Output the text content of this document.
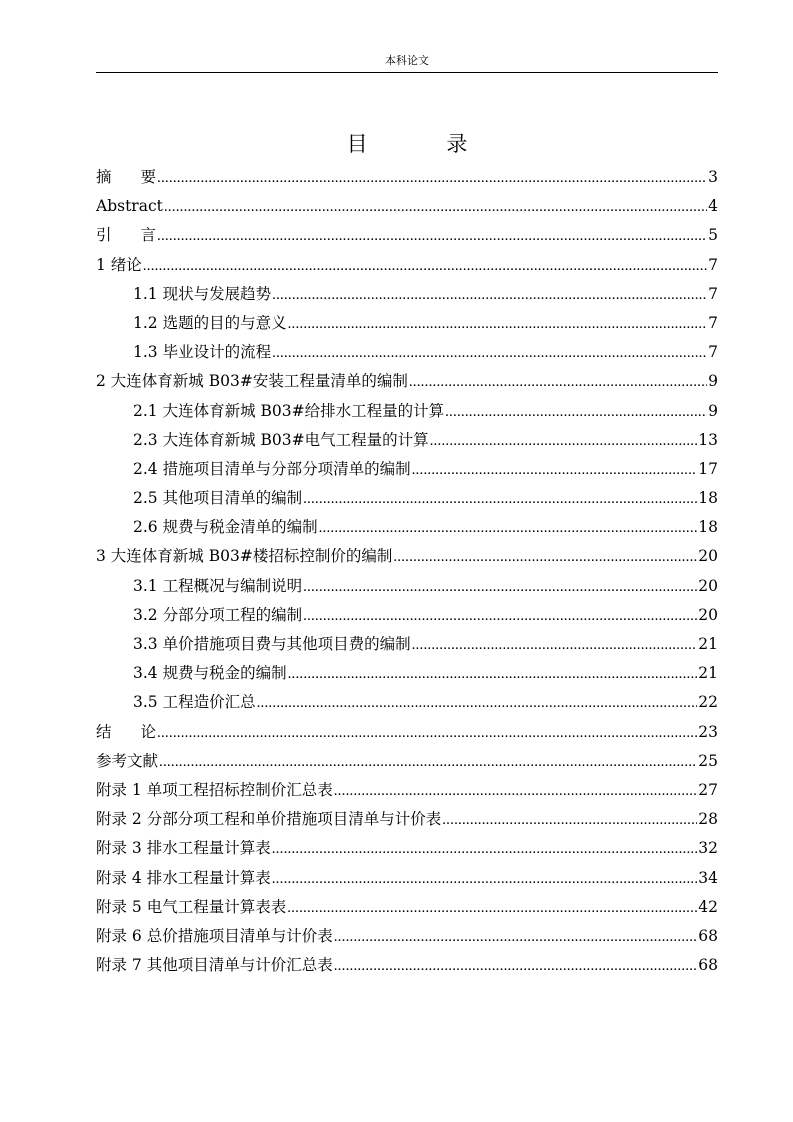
本科论文
目 录
摘要 .....	3
Abstract .....	4
引言 .....	5
1 绪论 .....	7
1.1 现状与发展趋势 .....	7
1.2 选题的目的与意义 .....	7
1.3 毕业设计的流程 .....	7
2 大连体育新城 B03#安装工程量清单的编制 .....	9
2.1 大连体育新城 B03#给排水工程量的计算 .....	9
2.3 大连体育新城 B03#电气工程量的计算 .....	13
2.4 措施项目清单与分部分项清单的编制 .....	17
2.5 其他项目清单的编制 .....	18
2.6 规费与税金清单的编制 .....	18
3 大连体育新城 B03#楼招标控制价的编制 .....	20
3.1 工程概况与编制说明 .....	20
3.2 分部分项工程的编制 .....	20
3.3 单价措施项目费与其他项目费的编制 .....	21
3.4 规费与税金的编制 .....	21
3.5 工程造价汇总 .....	22
结论 .....	23
参考文献 .....	25
附录 1 单项工程招标控制价汇总表 .....	27
附录 2 分部分项工程和单价措施项目清单与计价表 .....	28
附录 3 排水工程量计算表 .....	32
附录 4 排水工程量计算表 .....	34
附录 5 电气工程量计算表表 .....	42
附录 6 总价措施项目清单与计价表 .....	68
附录 7 其他项目清单与计价汇总表 .....	68
